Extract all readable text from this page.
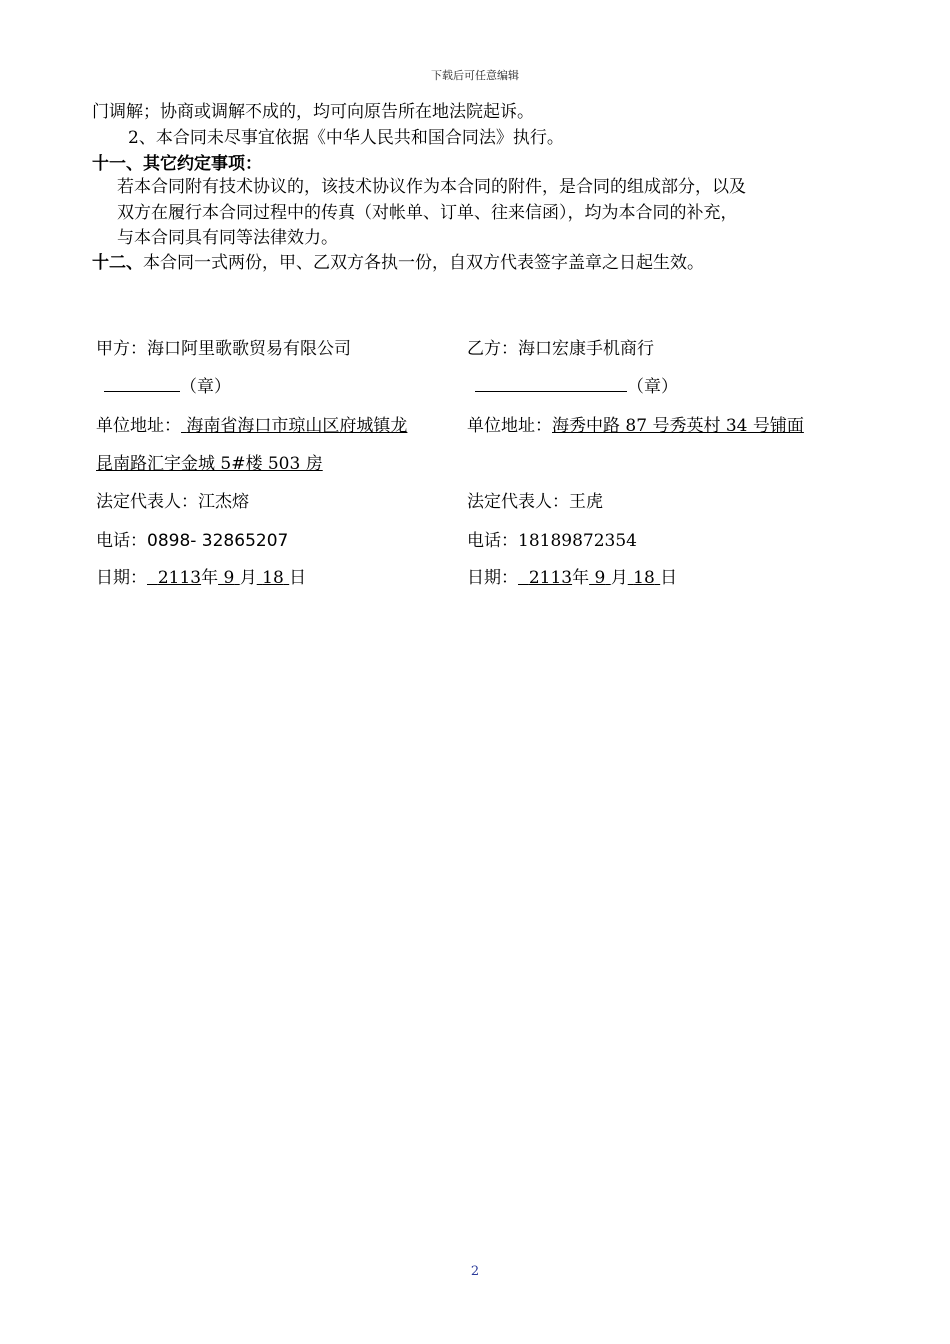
下载后可任意编辑
门调解；协商或调解不成的，均可向原告所在地法院起诉。
2、本合同未尽事宜依据《中华人民共和国合同法》执行。
十一、其它约定事项：
若本合同附有技术协议的，该技术协议作为本合同的附件，是合同的组成部分，以及
双方在履行本合同过程中的传真（对帐单、订单、往来信函），均为本合同的补充，
与本合同具有同等法律效力。
十二、本合同一式两份，甲、乙双方各执一份，自双方代表签字盖章之日起生效。
甲方：海口阿里歌歌贸易有限公司
（章）
单位地址： 海南省海口市琼山区府城镇龙
昆南路汇宇金城 5#楼 503 房
法定代表人：江杰熔
电话：0898- 32865207
日期： 2113年 9 月 18 日
乙方：海口宏康手机商行
（章）
单位地址：海秀中路 87 号秀英村 34 号铺面
法定代表人：王虎
电话：18189872354
日期： 2113年 9 月 18 日
2
